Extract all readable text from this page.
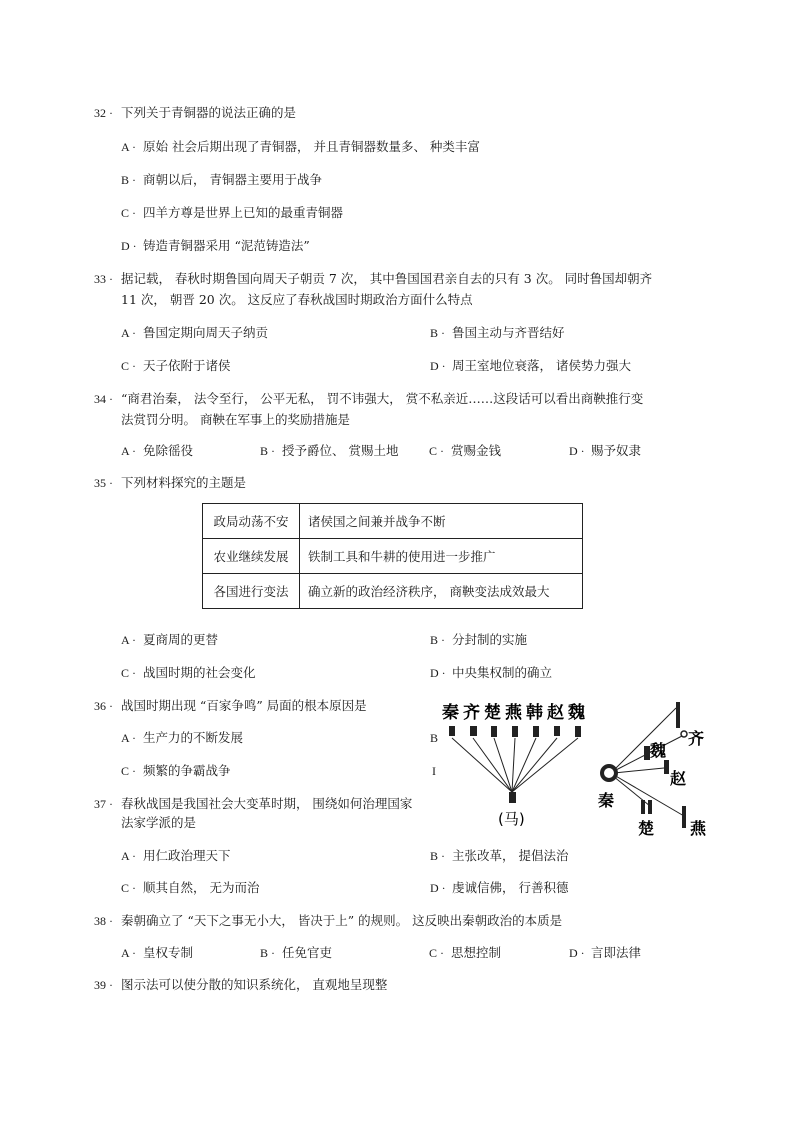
32 · 下列关于青铜器的说法正确的是
A · 原始 社会后期出现了青铜器， 并且青铜器数量多、 种类丰富
B · 商朝以后， 青铜器主要用于战争
C · 四羊方尊是世界上已知的最重青铜器
D · 铸造青铜器采用 “泥范铸造法”
33 · 据记载， 春秋时期鲁国向周天子朝贡 7 次， 其中鲁国国君亲自去的只有 3 次。 同时鲁国却朝齐
11 次， 朝晋 20 次。 这反应了春秋战国时期政治方面什么特点
A · 鲁国定期向周天子纳贡	B · 鲁国主动与齐晋结好
C · 天子依附于诸侯	D · 周王室地位衰落， 诸侯势力强大
34 · “商君治秦， 法令至行， 公平无私， 罚不讳强大， 赏不私亲近……这段话可以看出商鞅推行变
法赏罚分明。 商鞅在军事上的奖励措施是
A · 免除徭役	B · 授予爵位、 赏赐土地	C · 赏赐金钱	D · 赐予奴隶
35 · 下列材料探究的主题是
政局动荡不安	诸侯国之间兼并战争不断
农业继续发展	铁制工具和牛耕的使用进一步推广
各国进行变法	确立新的政治经济秩序， 商鞅变法成效最大
A · 夏商周的更替	B · 分封制的实施
C · 战国时期的社会变化	D · 中央集权制的确立
36 · 战国时期出现 “百家争鸣” 局面的根本原因是
A · 生产力的不断发展	B
C · 频繁的争霸战争	I
37 · 春秋战国是我国社会大变革时期， 围绕如何治理国家
法家学派的是
A · 用仁政治理天下	B · 主张改革， 提倡法治
C · 顺其自然， 无为而治	D · 虔诚信佛， 行善积德
38 · 秦朝确立了 “天下之事无小大， 皆决于上” 的规则。 这反映出秦朝政治的本质是
A · 皇权专制	B · 任免官吏	C · 思想控制	D · 言即法律
39 · 图示法可以使分散的知识系统化， 直观地呈现整
秦 齐 楚 燕 韩 赵 魏
(马)
魏
齐
赵
秦
楚 燕
